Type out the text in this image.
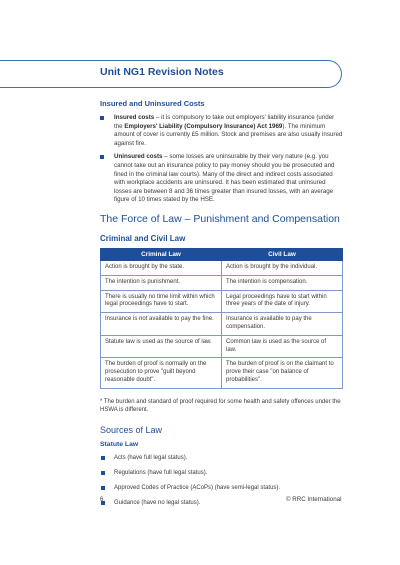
Unit NG1 Revision Notes
Insured and Uninsured Costs
Insured costs – it is compulsory to take out employers' liability insurance (under the Employers' Liability (Compulsory Insurance) Act 1969). The minimum amount of cover is currently £5 million. Stock and premises are also usually insured against fire.
Uninsured costs – some losses are uninsurable by their very nature (e.g. you cannot take out an insurance policy to pay money should you be prosecuted and fined in the criminal law courts). Many of the direct and indirect costs associated with workplace accidents are uninsured. It has been estimated that uninsured losses are between 8 and 36 times greater than insured losses, with an average figure of 10 times stated by the HSE.
The Force of Law – Punishment and Compensation
Criminal and Civil Law
Criminal Law	Civil Law
Action is brought by the state.	Action is brought by the individual.
The intention is punishment.	The intention is compensation.
There is usually no time limit within which legal proceedings have to start.	Legal proceedings have to start within three years of the date of injury.
Insurance is not available to pay the fine.	Insurance is available to pay the compensation.
Statute law is used as the source of law.	Common law is used as the source of law.
The burden of proof is normally on the prosecution to prove "guilt beyond reasonable doubt".	The burden of proof is on the claimant to prove their case "on balance of probabilities".
* The burden and standard of proof required for some health and safety offences under the HSWA is different.
Sources of Law
Statute Law
Acts (have full legal status).
Regulations (have full legal status).
Approved Codes of Practice (ACoPs) (have semi-legal status).
Guidance (have no legal status).
6	© RRC International
